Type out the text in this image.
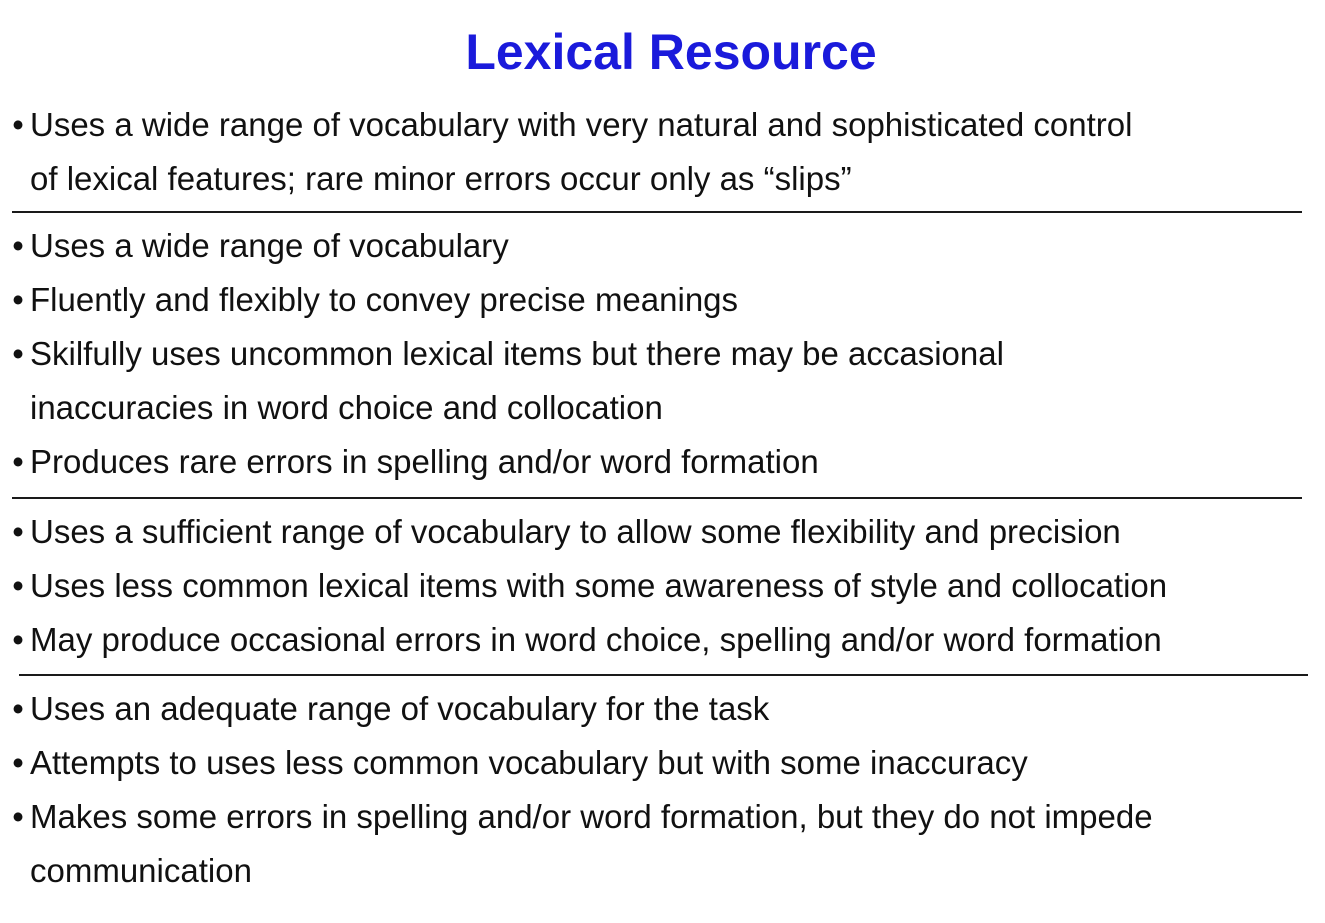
Lexical Resource
• Uses a wide range of vocabulary with very natural and sophisticated control
of lexical features; rare minor errors occur only as “slips”
• Uses a wide range of vocabulary
• Fluently and flexibly to convey precise meanings
• Skilfully uses uncommon lexical items but there may be accasional
inaccuracies in word choice and collocation
• Produces rare errors in spelling and/or word formation
• Uses a sufficient range of vocabulary to allow some flexibility and precision
• Uses less common lexical items with some awareness of style and collocation
• May produce occasional errors in word choice, spelling and/or word formation
• Uses an adequate range of vocabulary for the task
• Attempts to uses less common vocabulary but with some inaccuracy
• Makes some errors in spelling and/or word formation, but they do not impede
communication
